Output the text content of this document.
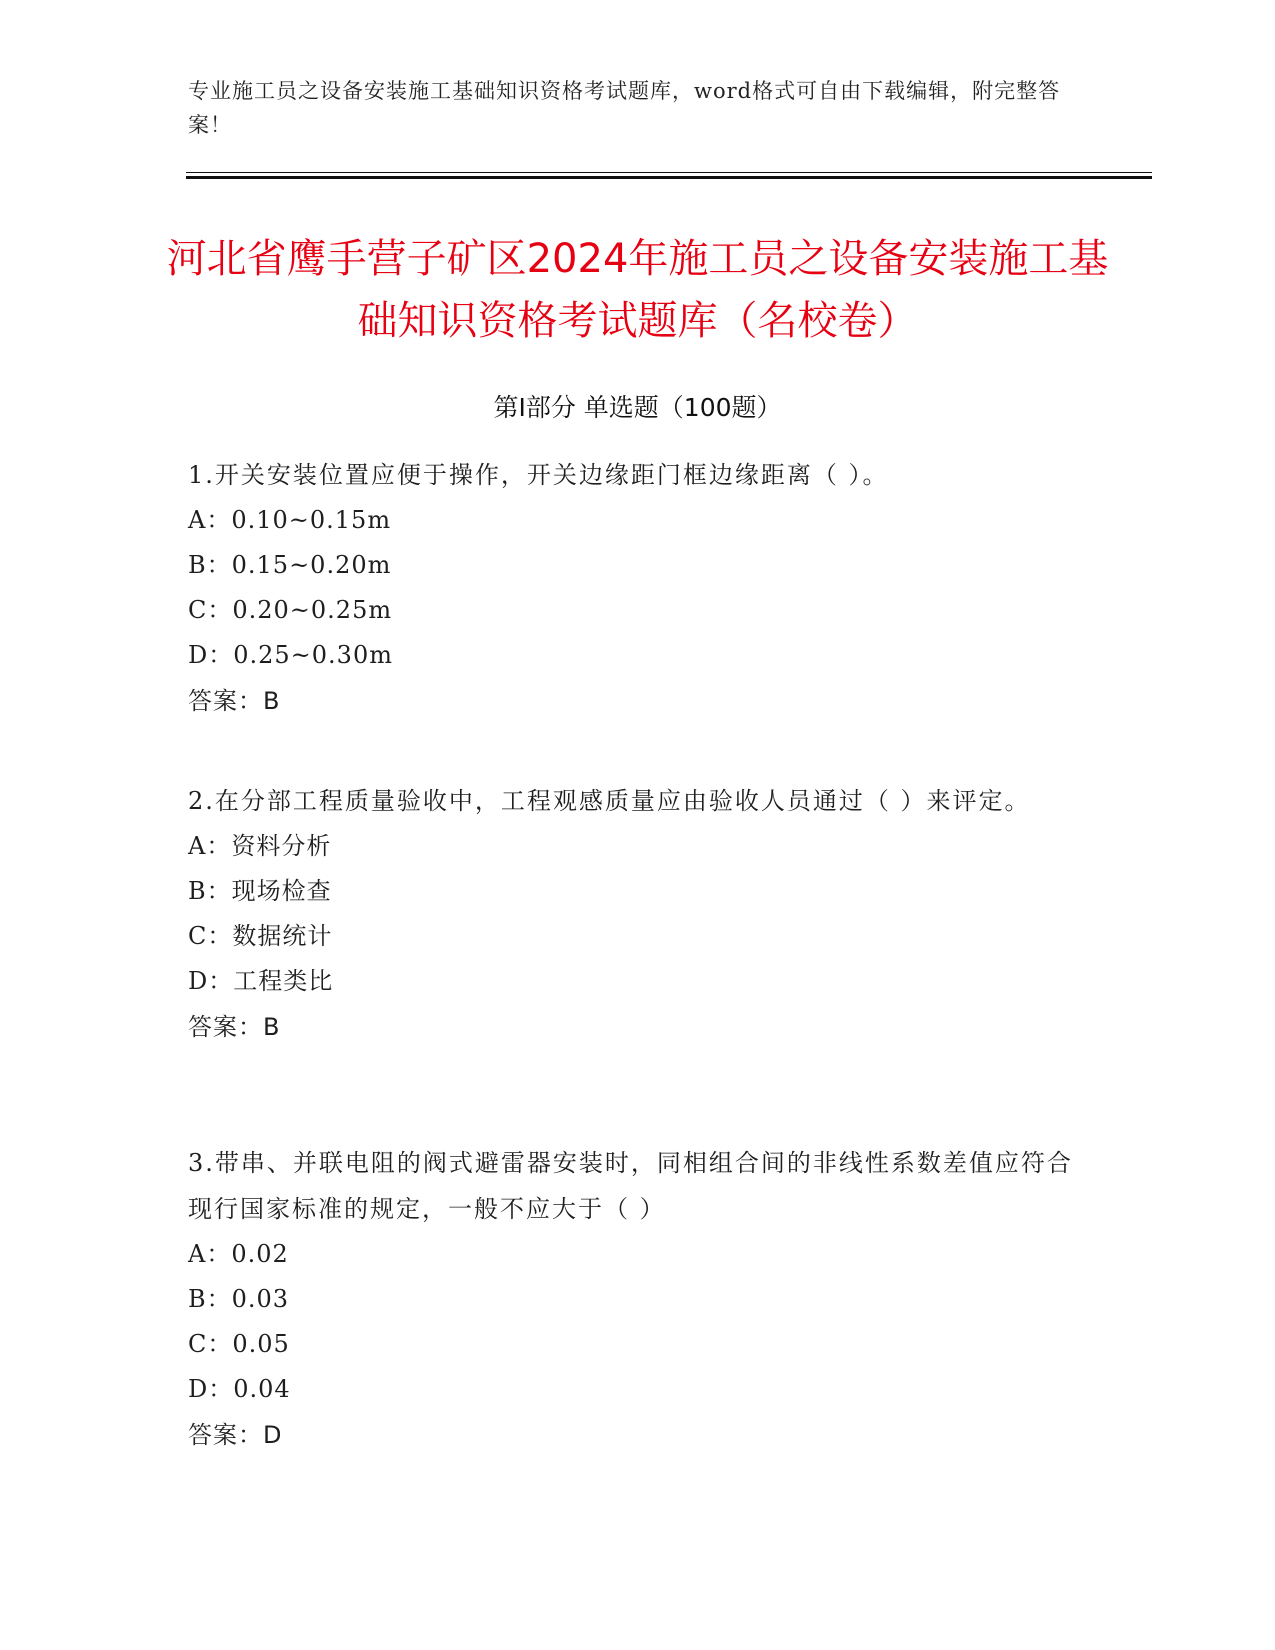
专业施工员之设备安装施工基础知识资格考试题库，word格式可自由下载编辑，附完整答案！
河北省鹰手营子矿区2024年施工员之设备安装施工基础知识资格考试题库（名校卷）
第Ⅰ部分 单选题（100题）
1.开关安装位置应便于操作，开关边缘距门框边缘距离（ ）。
A：0.10~0.15m
B：0.15~0.20m
C：0.20~0.25m
D：0.25~0.30m
答案：B
2.在分部工程质量验收中，工程观感质量应由验收人员通过（ ）来评定。
A：资料分析
B：现场检查
C：数据统计
D：工程类比
答案：B
3.带串、并联电阻的阀式避雷器安装时，同相组合间的非线性系数差值应符合现行国家标准的规定，一般不应大于（ ）
A：0.02
B：0.03
C：0.05
D：0.04
答案：D
